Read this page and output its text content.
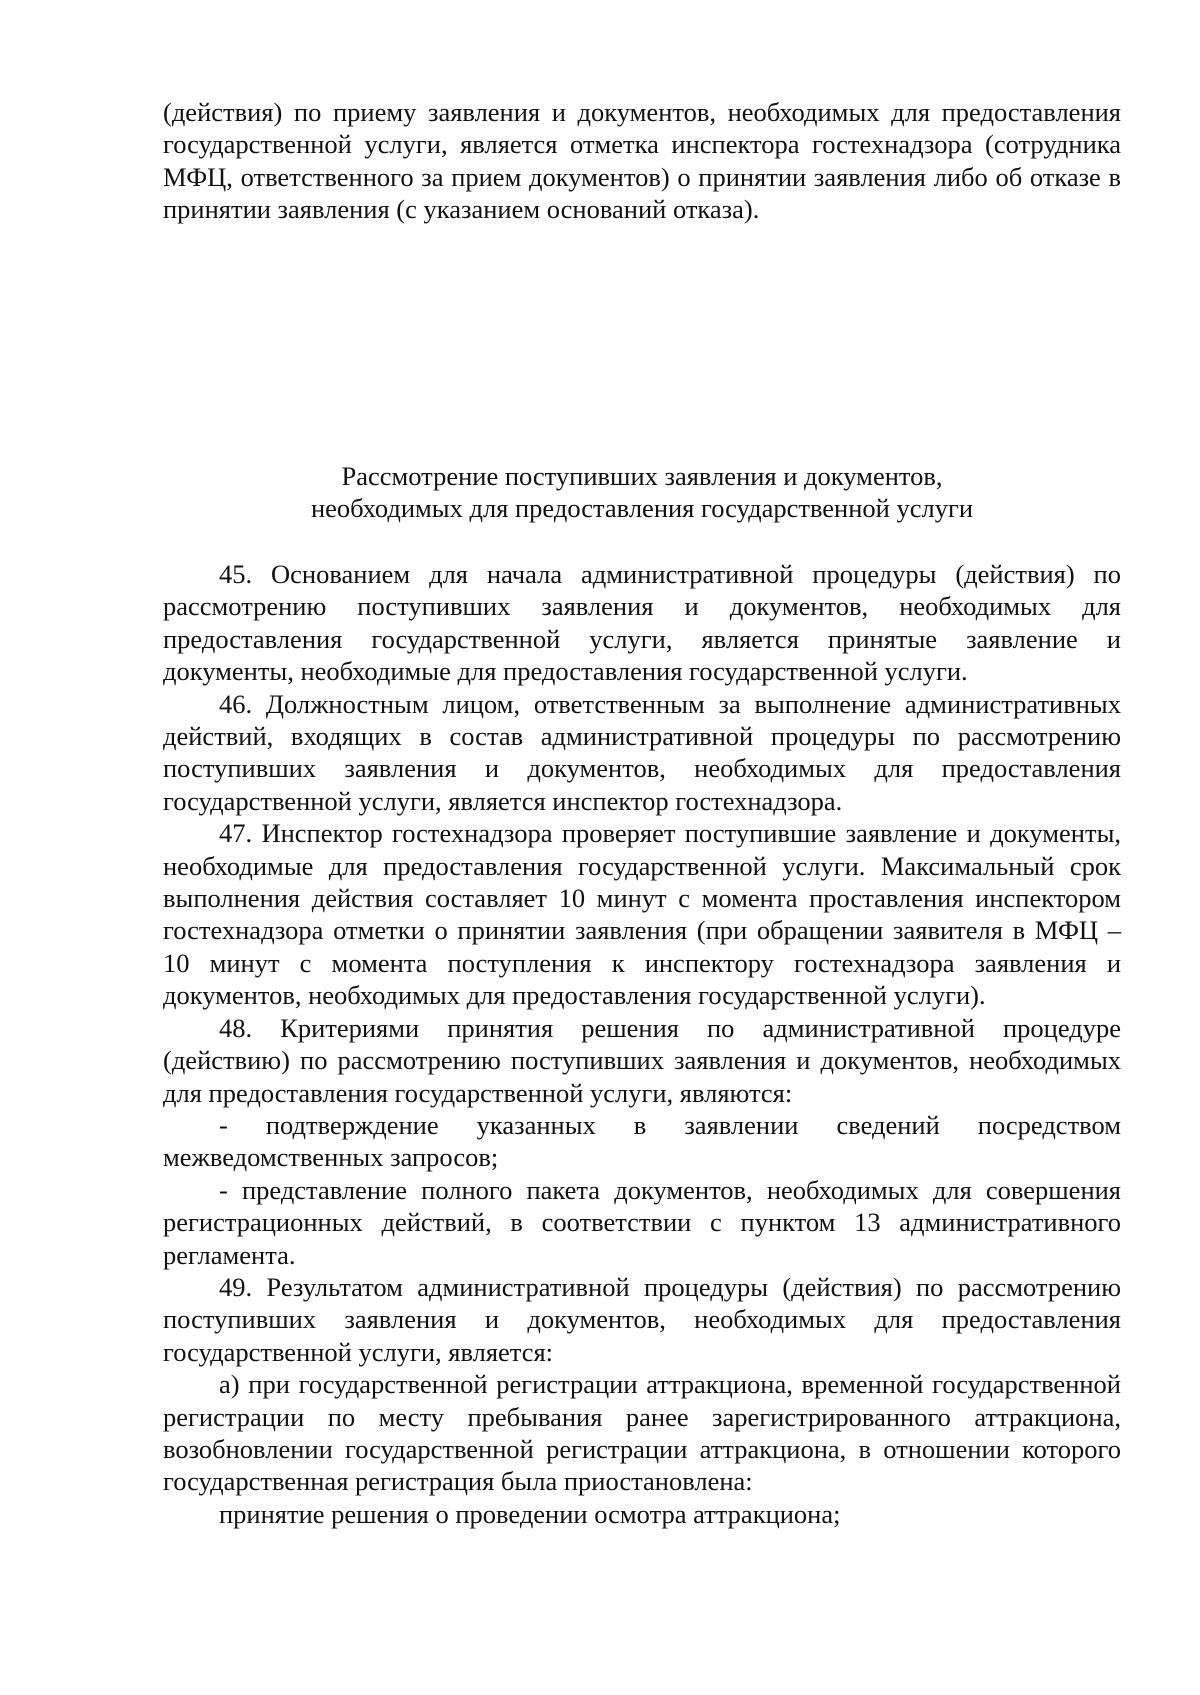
(действия) по приему заявления и документов, необходимых для предоставления государственной услуги, является отметка инспектора гостехнадзора (сотрудника МФЦ, ответственного за прием документов) о принятии заявления либо об отказе в принятии заявления (с указанием оснований отказа).

Рассмотрение поступивших заявления и документов,
необходимых для предоставления государственной услуги

45. Основанием для начала административной процедуры (действия) по рассмотрению поступивших заявления и документов, необходимых для предоставления государственной услуги, является принятые заявление и документы, необходимые для предоставления государственной услуги.

46. Должностным лицом, ответственным за выполнение административных действий, входящих в состав административной процедуры по рассмотрению поступивших заявления и документов, необходимых для предоставления государственной услуги, является инспектор гостехнадзора.

47. Инспектор гостехнадзора проверяет поступившие заявление и документы, необходимые для предоставления государственной услуги. Максимальный срок выполнения действия составляет 10 минут с момента проставления инспектором гостехнадзора отметки о принятии заявления (при обращении заявителя в МФЦ – 10 минут с момента поступления к инспектору гостехнадзора заявления и документов, необходимых для предоставления государственной услуги).

48. Критериями принятия решения по административной процедуре (действию) по рассмотрению поступивших заявления и документов, необходимых для предоставления государственной услуги, являются:

- подтверждение указанных в заявлении сведений посредством межведомственных запросов;

- представление полного пакета документов, необходимых для совершения регистрационных действий, в соответствии с пунктом 13 административного регламента.

49. Результатом административной процедуры (действия) по рассмотрению поступивших заявления и документов, необходимых для предоставления государственной услуги, является:

а) при государственной регистрации аттракциона, временной государственной регистрации по месту пребывания ранее зарегистрированного аттракциона, возобновлении государственной регистрации аттракциона, в отношении которого государственная регистрация была приостановлена:

принятие решения о проведении осмотра аттракциона;
